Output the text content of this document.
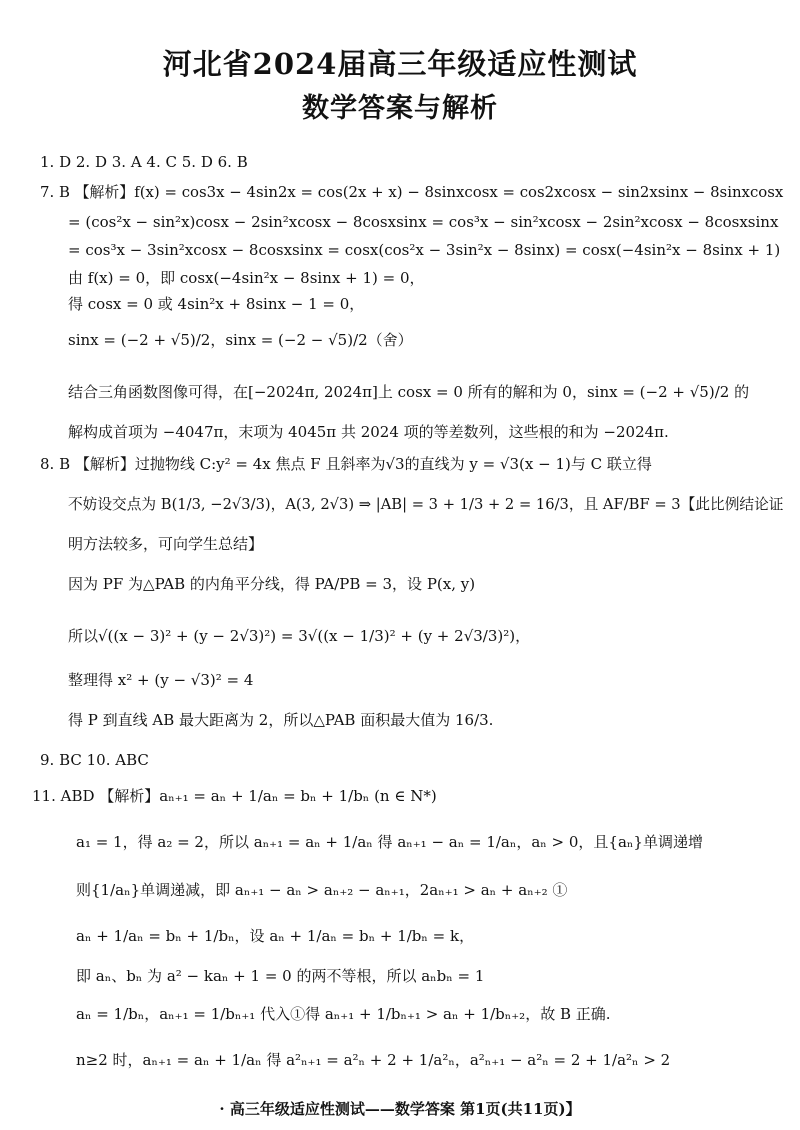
河北省2024届高三年级适应性测试
数学答案与解析
1. D 2. D 3. A 4. C 5. D 6. B
7. B 【解析】f(x) = cos3x − 4sin2x = cos(2x + x) − 8sinxcosx = cos2xcosx − sin2xsinx − 8sinxcosx
= (cos²x − sin²x)cosx − 2sin²xcosx − 8cosxsinx = cos³x − sin²xcosx − 2sin²xcosx − 8cosxsinx
= cos³x − 3sin²xcosx − 8cosxsinx = cosx(cos²x − 3sin²x − 8sinx) = cosx(−4sin²x − 8sinx + 1)
由 f(x) = 0，即 cosx(−4sin²x − 8sinx + 1) = 0，
得 cosx = 0 或 4sin²x + 8sinx − 1 = 0，
sinx = (−2 + √5)/2，sinx = (−2 − √5)/2（舍）
结合三角函数图像可得，在[−2024π, 2024π]上 cosx = 0 所有的解和为 0，sinx = (−2 + √5)/2 的
解构成首项为 −4047π，末项为 4045π 共 2024 项的等差数列，这些根的和为 −2024π.
8. B 【解析】过抛物线 C:y² = 4x 焦点 F 且斜率为√3的直线为 y = √3(x − 1)与 C 联立得
不妨设交点为 B(1/3, −2√3/3)，A(3, 2√3) ⇒ |AB| = 3 + 1/3 + 2 = 16/3，且 AF/BF = 3【此比例结论证
明方法较多，可向学生总结】
因为 PF 为△PAB 的内角平分线，得 PA/PB = 3，设 P(x, y)
所以√((x − 3)² + (y − 2√3)²) = 3√((x − 1/3)² + (y + 2√3/3)²)，
整理得 x² + (y − √3)² = 4
得 P 到直线 AB 最大距离为 2，所以△PAB 面积最大值为 16/3.
9. BC 10. ABC
11. ABD 【解析】aₙ₊₁ = aₙ + 1/aₙ = bₙ + 1/bₙ (n ∈ N*)
a₁ = 1，得 a₂ = 2，所以 aₙ₊₁ = aₙ + 1/aₙ 得 aₙ₊₁ − aₙ = 1/aₙ，aₙ > 0，且{aₙ}单调递增
则{1/aₙ}单调递减，即 aₙ₊₁ − aₙ > aₙ₊₂ − aₙ₊₁，2aₙ₊₁ > aₙ + aₙ₊₂ ①
aₙ + 1/aₙ = bₙ + 1/bₙ，设 aₙ + 1/aₙ = bₙ + 1/bₙ = k，
即 aₙ、bₙ 为 a² − kaₙ + 1 = 0 的两不等根，所以 aₙbₙ = 1
aₙ = 1/bₙ，aₙ₊₁ = 1/bₙ₊₁ 代入①得 aₙ₊₁ + 1/bₙ₊₁ > aₙ + 1/bₙ₊₂，故 B 正确.
n≥2 时，aₙ₊₁ = aₙ + 1/aₙ 得 a²ₙ₊₁ = a²ₙ + 2 + 1/a²ₙ，a²ₙ₊₁ − a²ₙ = 2 + 1/a²ₙ > 2
· 高三年级适应性测试——数学答案 第1页(共11页)】
